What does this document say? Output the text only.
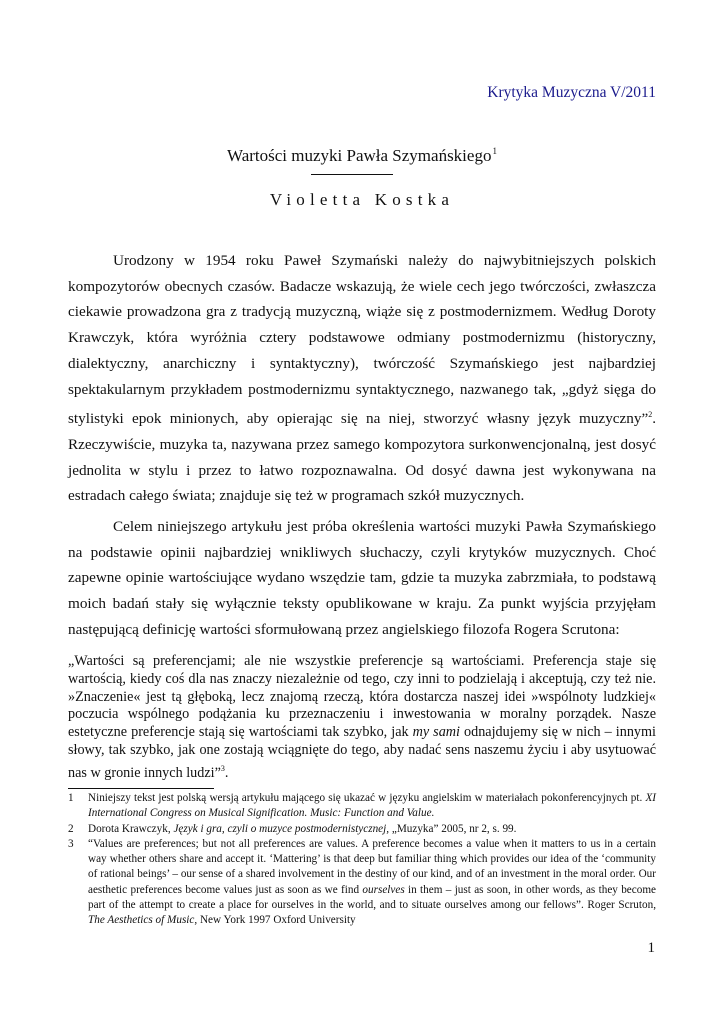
Krytyka Muzyczna V/2011
Wartości muzyki Pawła Szymańskiego$^1$
Violetta Kostka

Urodzony w 1954 roku Paweł Szymański należy do najwybitniejszych polskich kompozytorów obecnych czasów. Badacze wskazują, że wiele cech jego twórczości, zwłaszcza ciekawie prowadzona gra z tradycją muzyczną, wiąże się z postmodernizmem. Według Doroty Krawczyk, która wyróżnia cztery podstawowe odmiany postmodernizmu (historyczny, dialektyczny, anarchiczny i syntaktyczny), twórczość Szymańskiego jest najbardziej spektakularnym przykładem postmodernizmu syntaktycznego, nazwanego tak, „gdyż sięga do stylistyki epok minionych, aby opierając się na niej, stworzyć własny język muzyczny”$^2$. Rzeczywiście, muzyka ta, nazywana przez samego kompozytora surkonwencjonalną, jest dosyć jednolita w stylu i przez to łatwo rozpoznawalna. Od dosyć dawna jest wykonywana na estradach całego świata; znajduje się też w programach szkół muzycznych.

Celem niniejszego artykułu jest próba określenia wartości muzyki Pawła Szymańskiego na podstawie opinii najbardziej wnikliwych słuchaczy, czyli krytyków muzycznych. Choć zapewne opinie wartościujące wydano wszędzie tam, gdzie ta muzyka zabrzmiała, to podstawą moich badań stały się wyłącznie teksty opublikowane w kraju. Za punkt wyjścia przyjęłam następującą definicję wartości sformułowaną przez angielskiego filozofa Rogera Scrutona:

„Wartości są preferencjami; ale nie wszystkie preferencje są wartościami. Preferencja staje się wartością, kiedy coś dla nas znaczy niezależnie od tego, czy inni to podzielają i akceptują, czy też nie. »Znaczenie« jest tą głęboką, lecz znajomą rzeczą, która dostarcza naszej idei »wspólnoty ludzkiej« poczucia wspólnego podążania ku przeznaczeniu i inwestowania w moralny porządek. Nasze estetyczne preferencje stają się wartościami tak szybko, jak my sami odnajdujemy się w nich – innymi słowy, tak szybko, jak one zostają wciągnięte do tego, aby nadać sens naszemu życiu i aby usytuować nas w gronie innych ludzi”$^3$.

1 Niniejszy tekst jest polską wersją artykułu mającego się ukazać w języku angielskim w materiałach pokonferencyjnych pt. XI International Congress on Musical Signification. Music: Function and Value.
2 Dorota Krawczyk, Język i gra, czyli o muzyce postmodernistycznej, „Muzyka” 2005, nr 2, s. 99.
3 “Values are preferences; but not all preferences are values. A preference becomes a value when it matters to us in a certain way whether others share and accept it. ‘Mattering’ is that deep but familiar thing which provides our idea of the ‘community of rational beings’ – our sense of a shared involvement in the destiny of our kind, and of an investment in the moral order. Our aesthetic preferences become values just as soon as we find ourselves in them – just as soon, in other words, as they become part of the attempt to create a place for ourselves in the world, and to situate ourselves among our fellows”. Roger Scruton, The Aesthetics of Music, New York 1997 Oxford University
1
